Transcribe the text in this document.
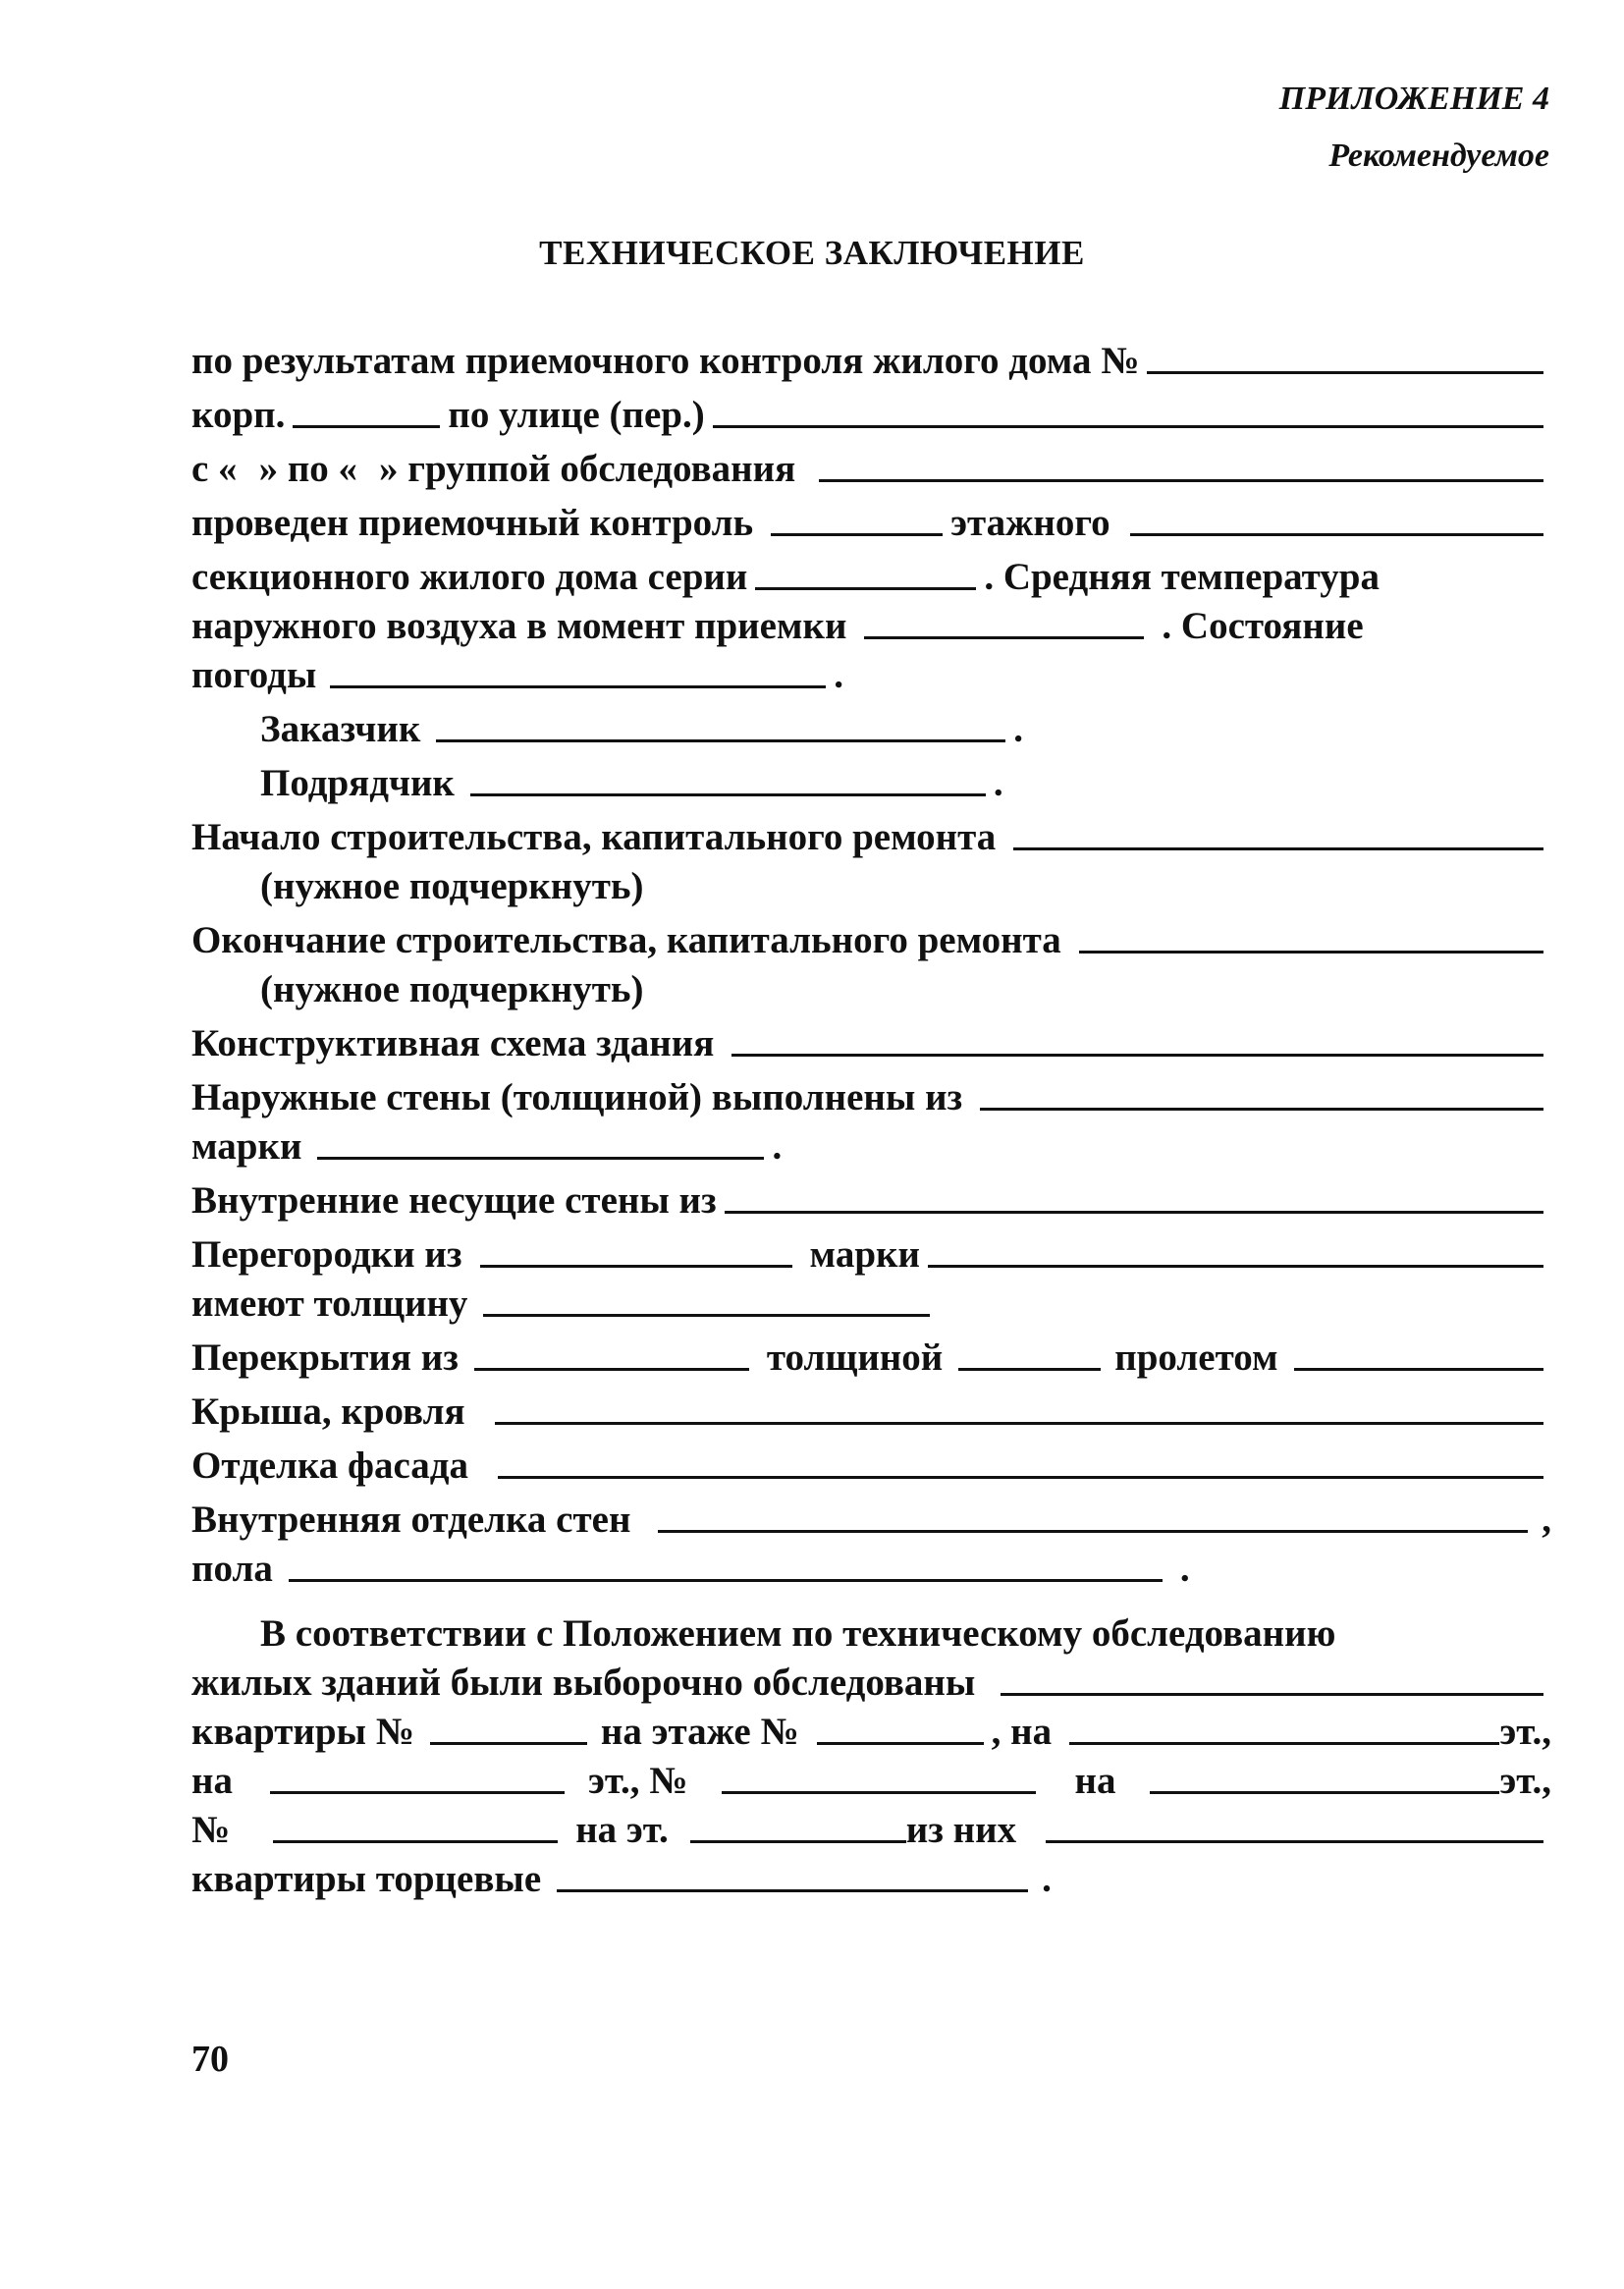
ПРИЛОЖЕНИЕ 4
Рекомендуемое
ТЕХНИЧЕСКОЕ ЗАКЛЮЧЕНИЕ
по результатам приемочного контроля жилого дома №
корп.	по улице (пер.)
с « » по « » группой обследования
проведен приемочный контроль	этажного
секционного жилого дома серии	. Средняя температура
наружного воздуха в момент приемки	. Состояние
погоды	.
Заказчик	.
Подрядчик	.
Начало строительства, капитального ремонта
(нужное подчеркнуть)
Окончание строительства, капитального ремонта
(нужное подчеркнуть)
Конструктивная схема здания
Наружные стены (толщиной) выполнены из
марки	.
Внутренние несущие стены из
Перегородки из	марки
имеют толщину
Перекрытия из	толщиной	пролетом
Крыша, кровля
Отделка фасада
Внутренняя отделка стен	,
пола	.
В соответствии с Положением по техническому обследованию
жилых зданий были выборочно обследованы
квартиры №	на этаже №	, на	эт.,
на	эт., №	на	эт.,
№	на эт.	из них
квартиры торцевые	.
70
